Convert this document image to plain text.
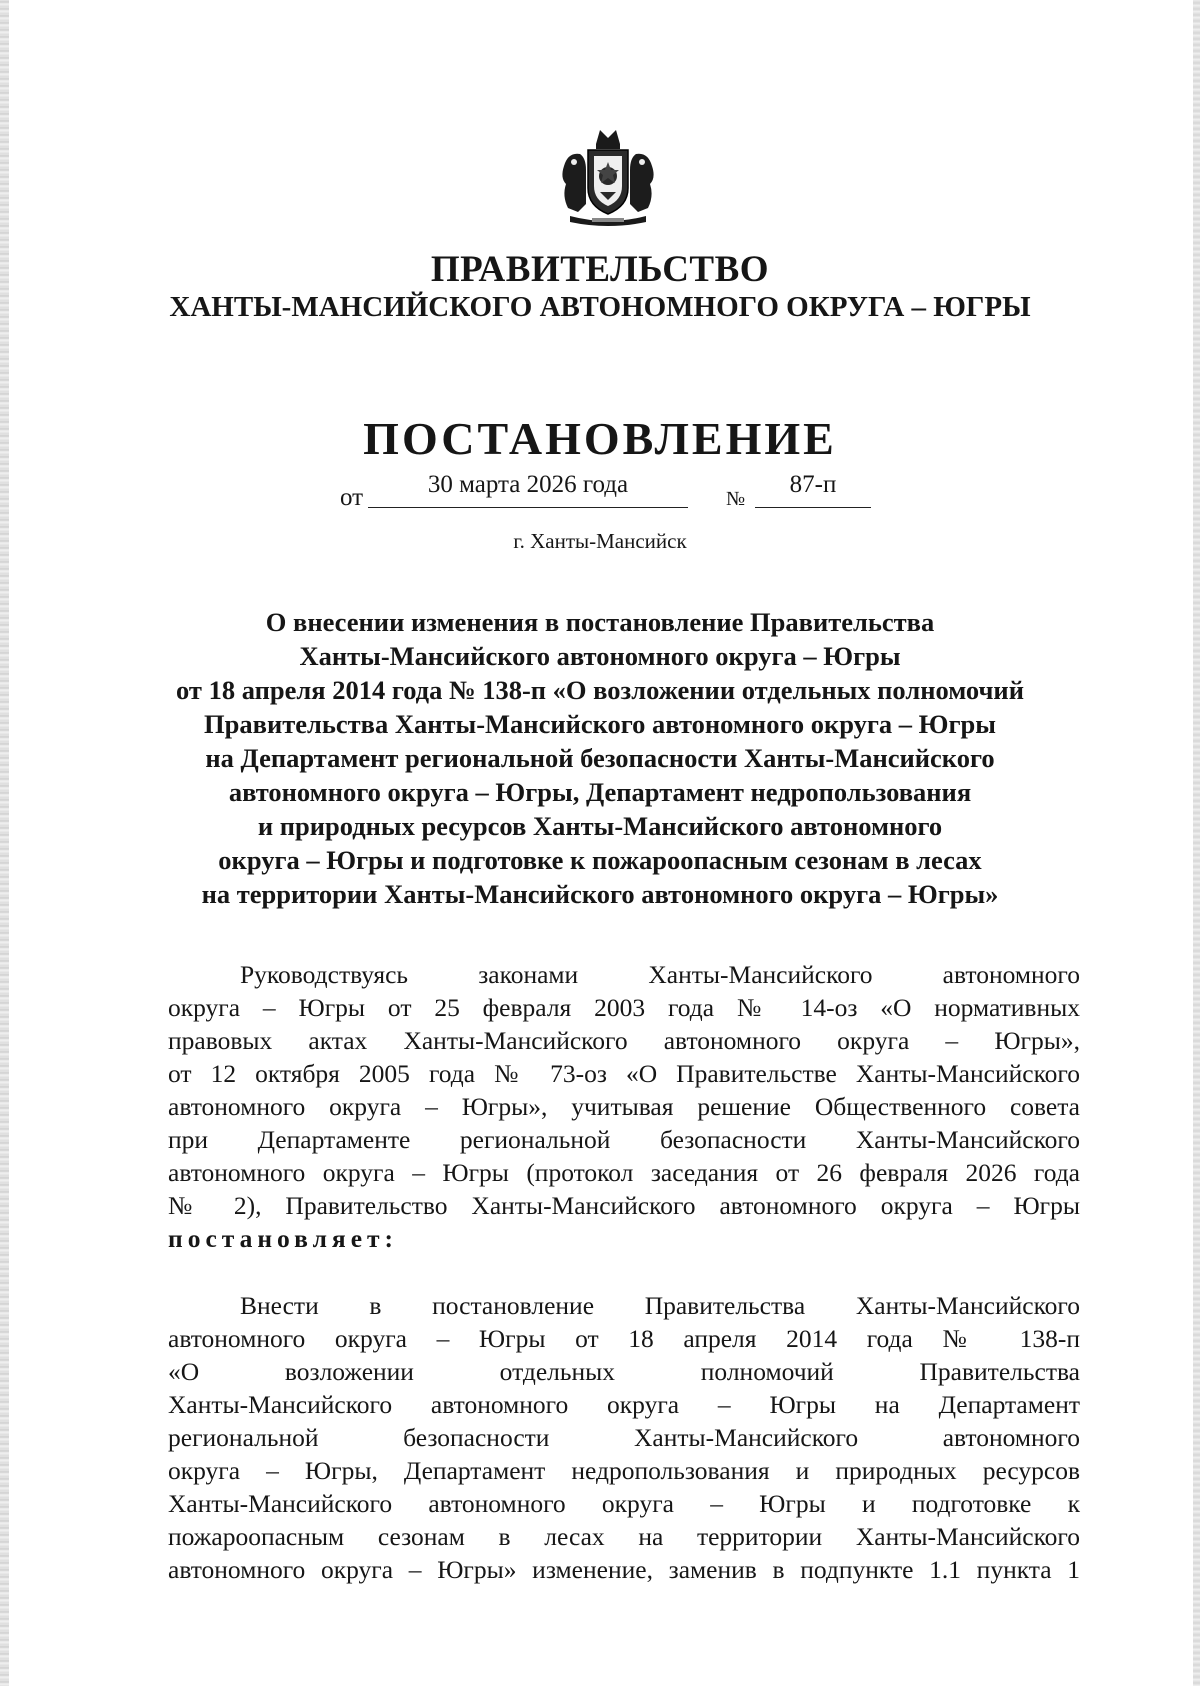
ПРАВИТЕЛЬСТВО
ХАНТЫ-МАНСИЙСКОГО АВТОНОМНОГО ОКРУГА – ЮГРЫ
ПОСТАНОВЛЕНИЕ
от	30 марта 2026 года
№
87-п
г. Ханты-Мансийск
О внесении изменения в постановление Правительства
Ханты-Мансийского автономного округа – Югры
от 18 апреля 2014 года № 138-п «О возложении отдельных полномочий
Правительства Ханты-Мансийского автономного округа – Югры
на Департамент региональной безопасности Ханты-Мансийского
автономного округа – Югры, Департамент недропользования
и природных ресурсов Ханты-Мансийского автономного
округа – Югры и подготовке к пожароопасным сезонам в лесах
на территории Ханты-Мансийского автономного округа – Югры»
Руководствуясь законами Ханты-Мансийского автономного
округа – Югры от 25 февраля 2003 года № 14-оз «О нормативных
правовых актах Ханты-Мансийского автономного округа – Югры»,
от 12 октября 2005 года № 73-оз «О Правительстве Ханты-Мансийского
автономного округа – Югры», учитывая решение Общественного совета
при Департаменте региональной безопасности Ханты-Мансийского
автономного округа – Югры (протокол заседания от 26 февраля 2026 года
№ 2), Правительство Ханты-Мансийского автономного округа – Югры
постановляет:
Внести в постановление Правительства Ханты-Мансийского
автономного округа – Югры от 18 апреля 2014 года № 138-п
«О возложении отдельных полномочий Правительства
Ханты-Мансийского автономного округа – Югры на Департамент
региональной безопасности Ханты-Мансийского автономного
округа – Югры, Департамент недропользования и природных ресурсов
Ханты-Мансийского автономного округа – Югры и подготовке к
пожароопасным сезонам в лесах на территории Ханты-Мансийского
автономного округа – Югры» изменение, заменив в подпункте 1.1 пункта 1
